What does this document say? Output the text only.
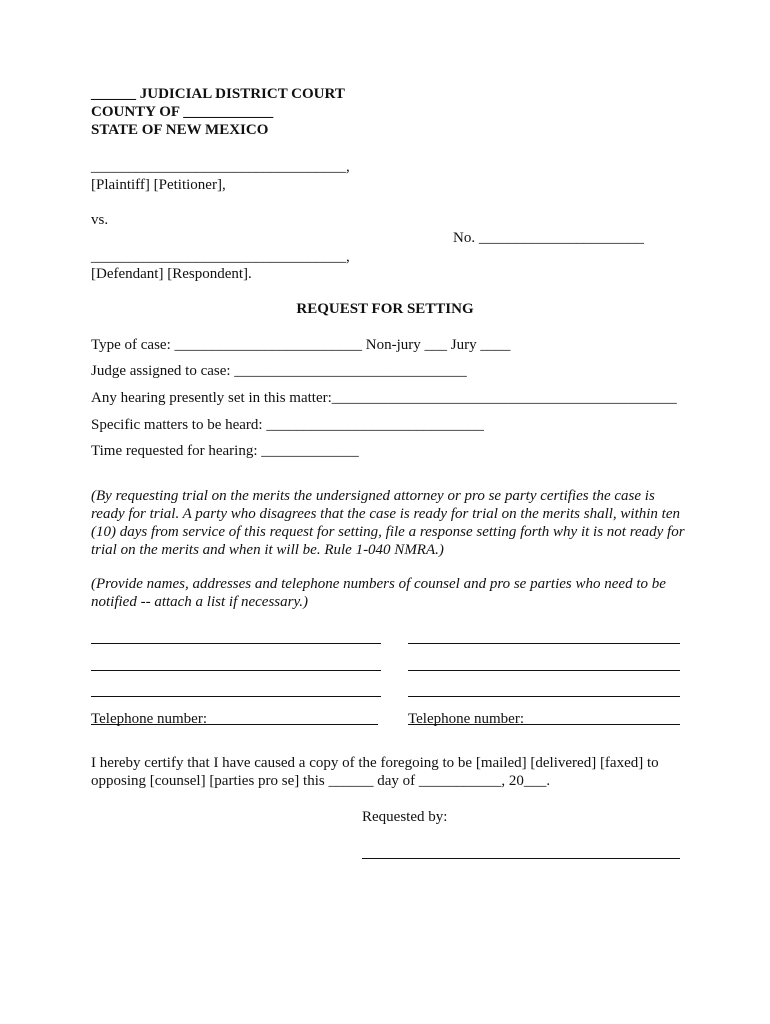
______ JUDICIAL DISTRICT COURT
COUNTY OF ____________
STATE OF NEW MEXICO
__________________________________,
[Plaintiff] [Petitioner],
vs.
No. ______________________
__________________________________,
[Defendant] [Respondent].
REQUEST FOR SETTING
Type of case: _________________________ Non-jury ___ Jury ____
Judge assigned to case: _______________________________
Any hearing presently set in this matter:______________________________________________
Specific matters to be heard: _____________________________
Time requested for hearing: _____________
(By requesting trial on the merits the undersigned attorney or pro se party certifies the case is ready for trial. A party who disagrees that the case is ready for trial on the merits shall, within ten (10) days from service of this request for setting, file a response setting forth why it is not ready for trial on the merits and when it will be. Rule 1-040 NMRA.)
(Provide names, addresses and telephone numbers of counsel and pro se parties who need to be notified -- attach a list if necessary.)
Telephone number:	Telephone number:
I hereby certify that I have caused a copy of the foregoing to be [mailed] [delivered] [faxed] to
opposing [counsel] [parties pro se] this ______ day of ___________, 20___.
Requested by:
